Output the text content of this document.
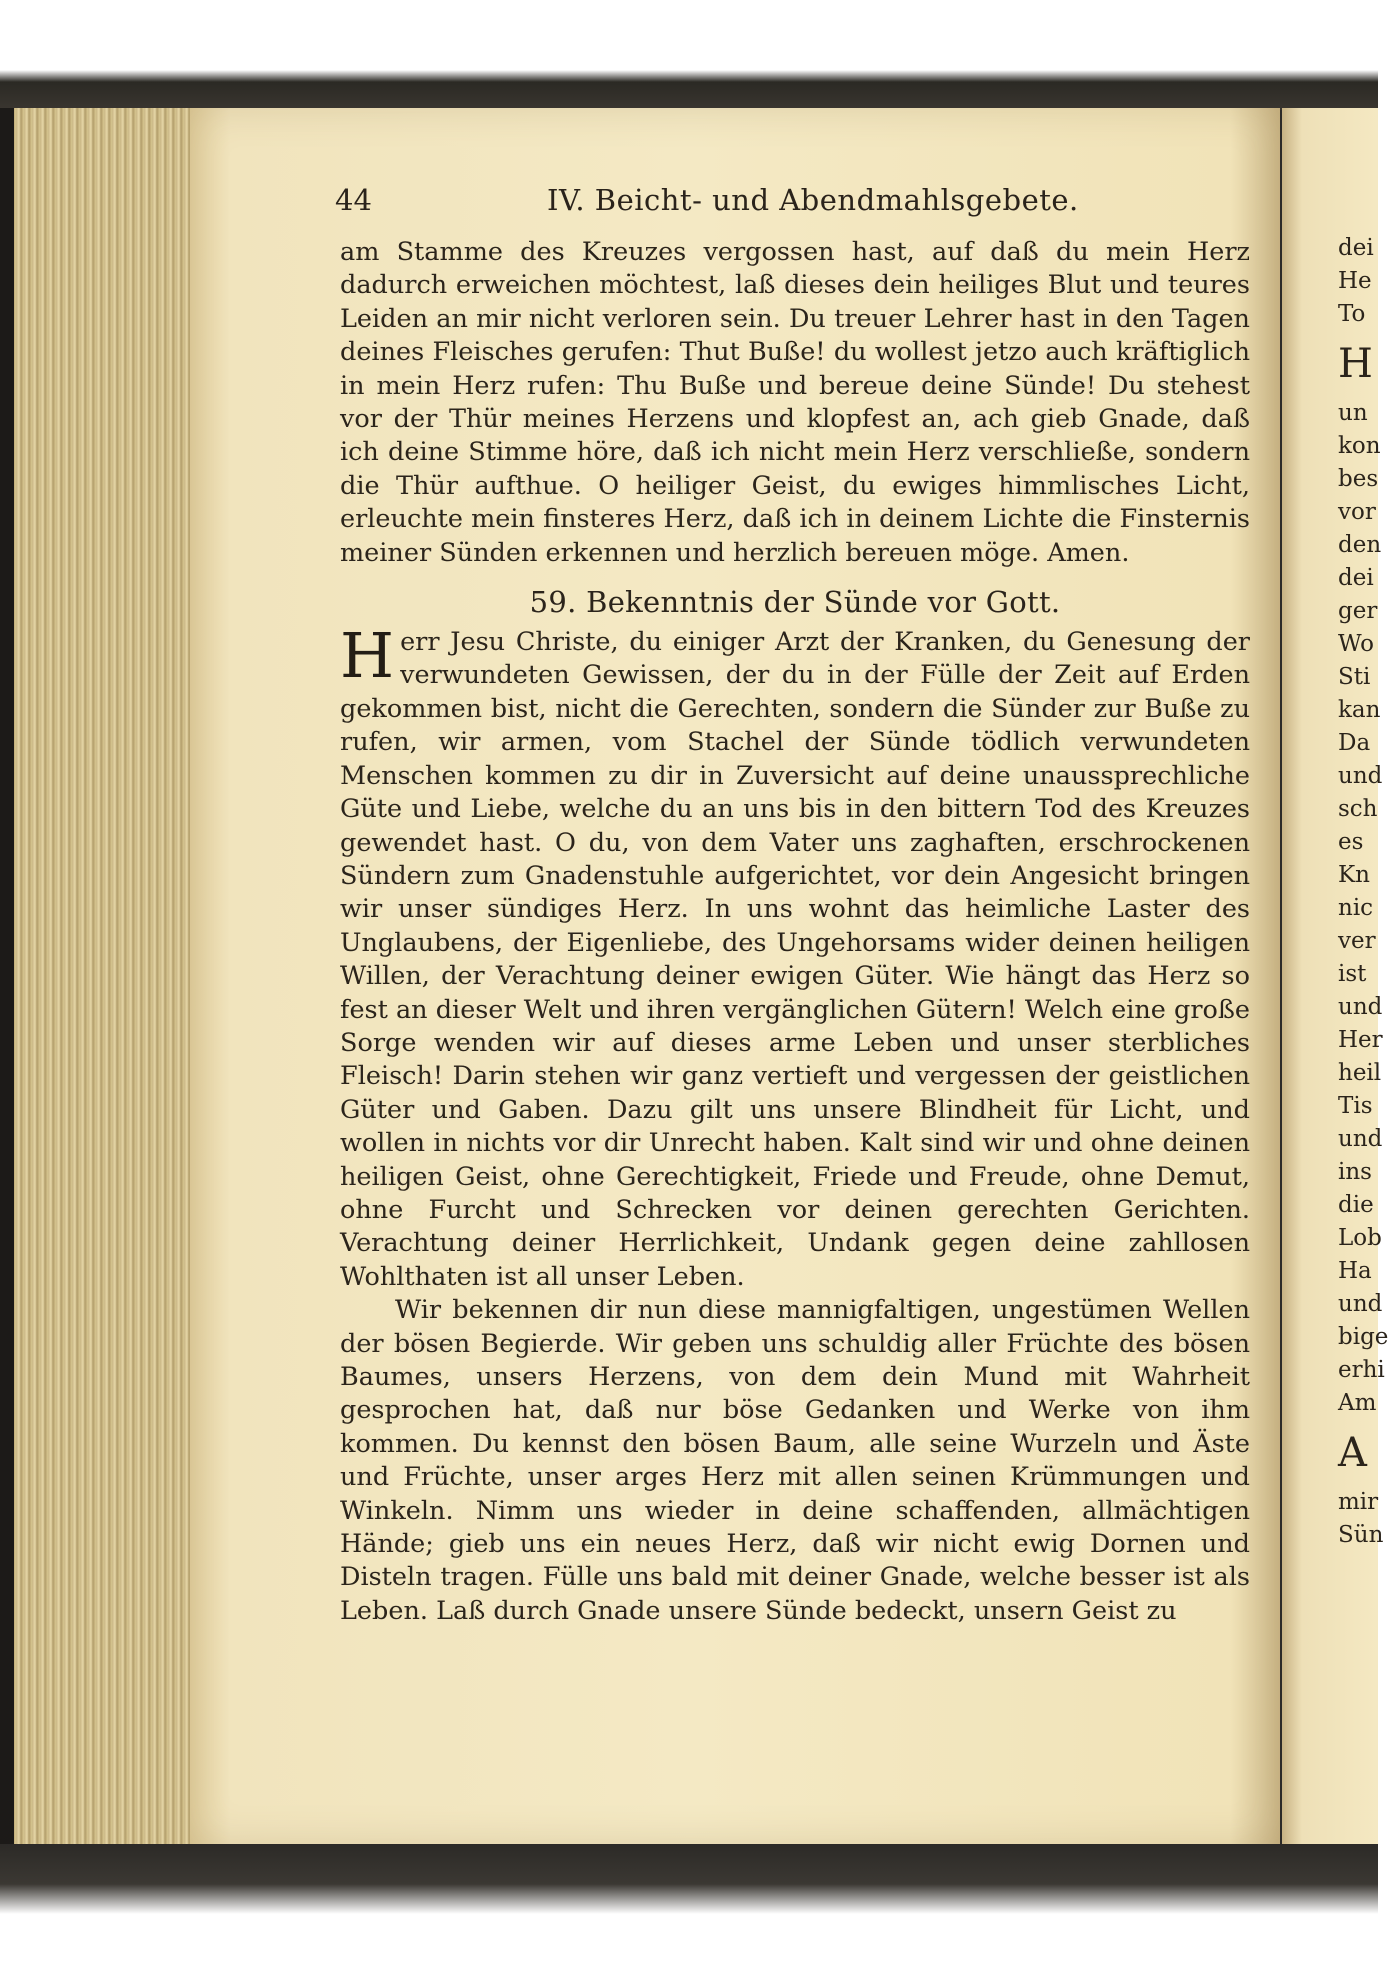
dei
He
To
H
un
kon
bes
vor
den
dei
ger
Wo
Sti
kan
Da
und
sch
es
Kn
nic
ver
ist
und
Her
heil
Tis
und
ins
die
Lob
Ha
und
bige
erhi
Am
A
mir
Sün
44	IV. Beicht- und Abendmahlsgebete.

am Stamme des Kreuzes vergossen hast, auf daß du mein Herz dadurch erweichen möchtest, laß dieses dein heiliges Blut und teures Leiden an mir nicht verloren sein. Du treuer Lehrer hast in den Tagen deines Fleisches gerufen: Thut Buße! du wollest jetzo auch kräftiglich in mein Herz rufen: Thu Buße und bereue deine Sünde! Du stehest vor der Thür meines Herzens und klopfest an, ach gieb Gnade, daß ich deine Stimme höre, daß ich nicht mein Herz verschließe, sondern die Thür aufthue. O heiliger Geist, du ewiges himmlisches Licht, erleuchte mein finsteres Herz, daß ich in deinem Lichte die Finsternis meiner Sünden erkennen und herzlich bereuen möge. Amen.

59. Bekenntnis der Sünde vor Gott.

Herr Jesu Christe, du einiger Arzt der Kranken, du Genesung der verwundeten Gewissen, der du in der Fülle der Zeit auf Erden gekommen bist, nicht die Gerechten, sondern die Sünder zur Buße zu rufen, wir armen, vom Stachel der Sünde tödlich verwundeten Menschen kommen zu dir in Zuversicht auf deine unaussprechliche Güte und Liebe, welche du an uns bis in den bittern Tod des Kreuzes gewendet hast. O du, von dem Vater uns zaghaften, erschrockenen Sündern zum Gnadenstuhle aufgerichtet, vor dein Angesicht bringen wir unser sündiges Herz. In uns wohnt das heimliche Laster des Unglaubens, der Eigenliebe, des Ungehorsams wider deinen heiligen Willen, der Verachtung deiner ewigen Güter. Wie hängt das Herz so fest an dieser Welt und ihren vergänglichen Gütern! Welch eine große Sorge wenden wir auf dieses arme Leben und unser sterbliches Fleisch! Darin stehen wir ganz vertieft und vergessen der geistlichen Güter und Gaben. Dazu gilt uns unsere Blindheit für Licht, und wollen in nichts vor dir Unrecht haben. Kalt sind wir und ohne deinen heiligen Geist, ohne Gerechtigkeit, Friede und Freude, ohne Demut, ohne Furcht und Schrecken vor deinen gerechten Gerichten. Verachtung deiner Herrlichkeit, Undank gegen deine zahllosen Wohlthaten ist all unser Leben.

Wir bekennen dir nun diese mannigfaltigen, ungestümen Wellen der bösen Begierde. Wir geben uns schuldig aller Früchte des bösen Baumes, unsers Herzens, von dem dein Mund mit Wahrheit gesprochen hat, daß nur böse Gedanken und Werke von ihm kommen. Du kennst den bösen Baum, alle seine Wurzeln und Äste und Früchte, unser arges Herz mit allen seinen Krümmungen und Winkeln. Nimm uns wieder in deine schaffenden, allmächtigen Hände; gieb uns ein neues Herz, daß wir nicht ewig Dornen und Disteln tragen. Fülle uns bald mit deiner Gnade, welche besser ist als Leben. Laß durch Gnade unsere Sünde bedeckt, unsern Geist zu
